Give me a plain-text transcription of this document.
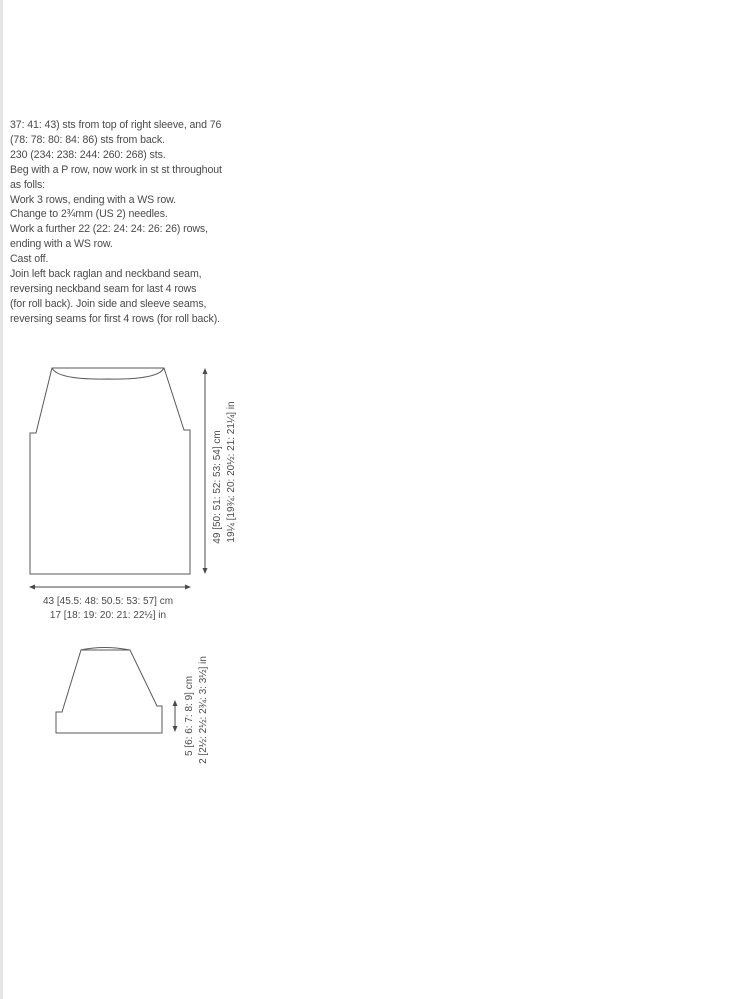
37: 41: 43) sts from top of right sleeve, and 76
(78: 78: 80: 84: 86) sts from back.
230 (234: 238: 244: 260: 268) sts.
Beg with a P row, now work in st st throughout
as folls:
Work 3 rows, ending with a WS row.
Change to 2¾mm (US 2) needles.
Work a further 22 (22: 24: 24: 26: 26) rows,
ending with a WS row.
Cast off.
Join left back raglan and neckband seam,
reversing neckband seam for last 4 rows
(for roll back). Join side and sleeve seams,
reversing seams for first 4 rows (for roll back).
49 [50: 51: 52: 53: 54] cm 19¼ [19¾: 20: 20½: 21: 21¼] in
43 [45.5: 48: 50.5: 53: 57] cm
17 [18: 19: 20: 21: 22½] in
5 [6: 6: 7: 8: 9] cm 2 [2½: 2½: 2¾: 3: 3½] in
